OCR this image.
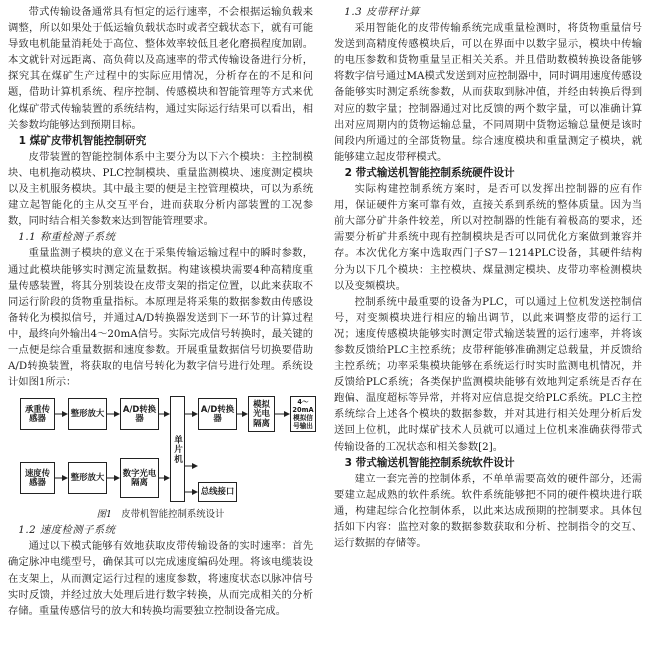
带式传输设备通常具有恒定的运行速率，不会根据运输负载来调整，所以如果处于低运输负载状态时或者空载状态下，就有可能导致电机能量消耗处于高位、整体效率较低且老化磨损程度加剧。本文就针对远距离、高负荷以及高速率的带式传输设备进行分析，探究其在煤矿生产过程中的实际应用情况，分析存在的不足和问题，借助计算机系统、程序控制、传感模块和智能管理等方式来优化煤矿带式传输装置的系统结构，通过实际运行结果可以看出，相关参数均能够达到预期目标。

1 煤矿皮带机智能控制研究

皮带装置的智能控制体系中主要分为以下六个模块：主控制模块、电机拖动模块、PLC控制模块、重量监测模块、速度测定模块以及主机服务模块。其中最主要的便是主控管理模块，可以为系统建立起智能化的主从交互平台，进而获取分析内部装置的工况参数，同时结合相关参数来达到智能管理要求。

1.1 称重检测子系统

重量监测子模块的意义在于采集传输运输过程中的瞬时参数，通过此模块能够实时测定流量数据。构建该模块需要4种高精度重量传感装置，将其分别装设在皮带支架的指定位置，以此来获取不同运行阶段的货物重量指标。本原理是将采集的数据参数由传感设备转化为模拟信号，并通过A/D转换器发送到下一环节的计算过程中，最终向外输出4～20mA信号。实际完成信号转换时，最关键的一点便是综合重量数据和速度参数。开展重量数据信号切换要借助A/D转换装置，将获取的电信号转化为数字信号进行处理。系统设计如图1所示：

承重传感器	整形放大	A/D转换器
单片机
A/D转换器
模拟光电隔离
4～20mA模拟信号输出
速度传感器	整形放大	数字光电隔离
总线接口

图1　 皮带机智能控制系统设计

1.2 速度检测子系统

通过以下模式能够有效地获取皮带传输设备的实时速率：首先确定脉冲电缆型号，确保其可以完成速度编码处理。将该电缆装设在支架上，从而测定运行过程的速度参数，将速度状态以脉冲信号实时反馈，并经过放大处理后进行数字转换，从而完成相关的分析存储。重量传感信号的放大和转换均需要独立控制设备完成。

1.3 皮带秤计算

采用智能化的皮带传输系统完成重量检测时，将货物重量信号发送到高精度传感模块后，可以在界面中以数字显示，模块中传输的电压参数和货物重量呈正相关关系。并且借助数模转换设备能够将数字信号通过MA模式发送到对应控制器中，同时调用速度传感设备能够实时测定系统参数，从而获取到脉冲值，并经由转换后得到对应的数字量；控制器通过对比反馈的两个数字量，可以准确计算出对应周期内的货物运输总量，不同周期中货物运输总量便是该时间段内所通过的全部货物量。综合速度模块和重量测定子模块，就能够建立起皮带秤模式。

2 带式输送机智能控制系统硬件设计

实际构建控制系统方案时，是否可以发挥出控制器的应有作用，保证硬件方案可靠有效，直接关系到系统的整体质量。因为当前大部分矿井条件较差，所以对控制器的性能有着极高的要求，还需要分析矿井系统中现有控制模块是否可以同优化方案做到兼容并存。本次优化方案中选取西门子S7－1214PLC设备，其硬件结构分为以下几个模块：主控模块、煤量测定模块、皮带功率检测模块以及变频模块。

控制系统中最重要的设备为PLC，可以通过上位机发送控制信号，对变频模块进行相应的输出调节，以此来调整皮带的运行工况；速度传感模块能够实时测定带式输送装置的运行速率，并将该参数反馈给PLC主控系统；皮带秤能够准确测定总载量，并反馈给主控系统；功率采集模块能够在系统运行时实时监测电机情况，并反馈给PLC系统；各类保护监测模块能够有效地判定系统是否存在跑偏、温度超标等异常，并将对应信息提交给PLC系统。PLC主控系统综合上述各个模块的数据参数，并对其进行相关处理分析后发送回上位机，此时煤矿技术人员就可以通过上位机来准确获得带式传输设备的工况状态和相关参数[2]。

3 带式输送机智能控制系统软件设计

建立一套完善的控制体系，不单单需要高效的硬件部分，还需要建立起成熟的软件系统。软件系统能够把不同的硬件模块进行联通，构建起综合化控制体系，以此来达成预期的控制要求。具体包括如下内容：监控对象的数据参数获取和分析、控制指令的交互、运行数据的存储等。
